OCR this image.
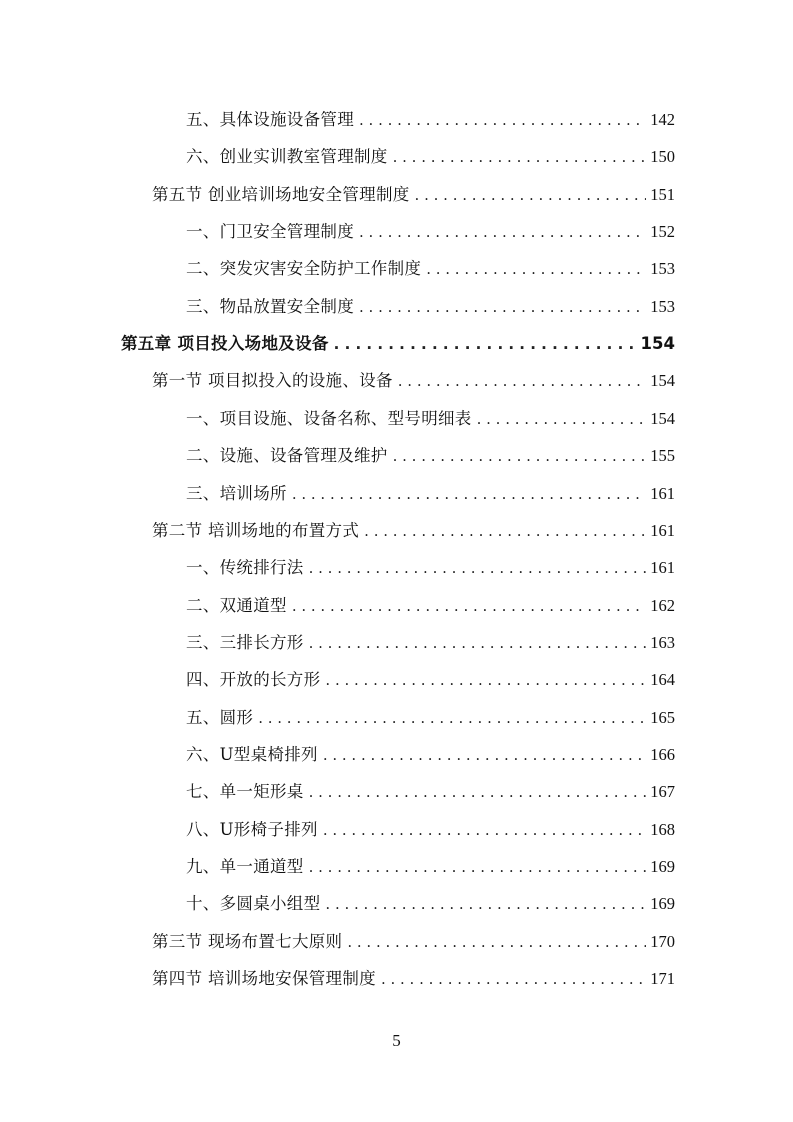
五、具体设施设备管理 . . .	142
六、创业实训教室管理制度 . . .	150
第五节 创业培训场地安全管理制度 . . .	151
一、门卫安全管理制度 . . .	152
二、突发灾害安全防护工作制度 . . .	153
三、物品放置安全制度 . . .	153
第五章 项目投入场地及设备 . . .	154
第一节 项目拟投入的设施、设备 . . .	154
一、项目设施、设备名称、型号明细表 . . .	154
二、设施、设备管理及维护 . . .	155
三、培训场所 . . .	161
第二节 培训场地的布置方式 . . .	161
一、传统排行法 . . .	161
二、双通道型 . . .	162
三、三排长方形 . . .	163
四、开放的长方形 . . .	164
五、圆形 . . .	165
六、U型桌椅排列 . . .	166
七、单一矩形桌 . . .	167
八、U形椅子排列 . . .	168
九、单一通道型 . . .	169
十、多圆桌小组型 . . .	169
第三节 现场布置七大原则 . . .	170
第四节 培训场地安保管理制度 . . .	171
5
